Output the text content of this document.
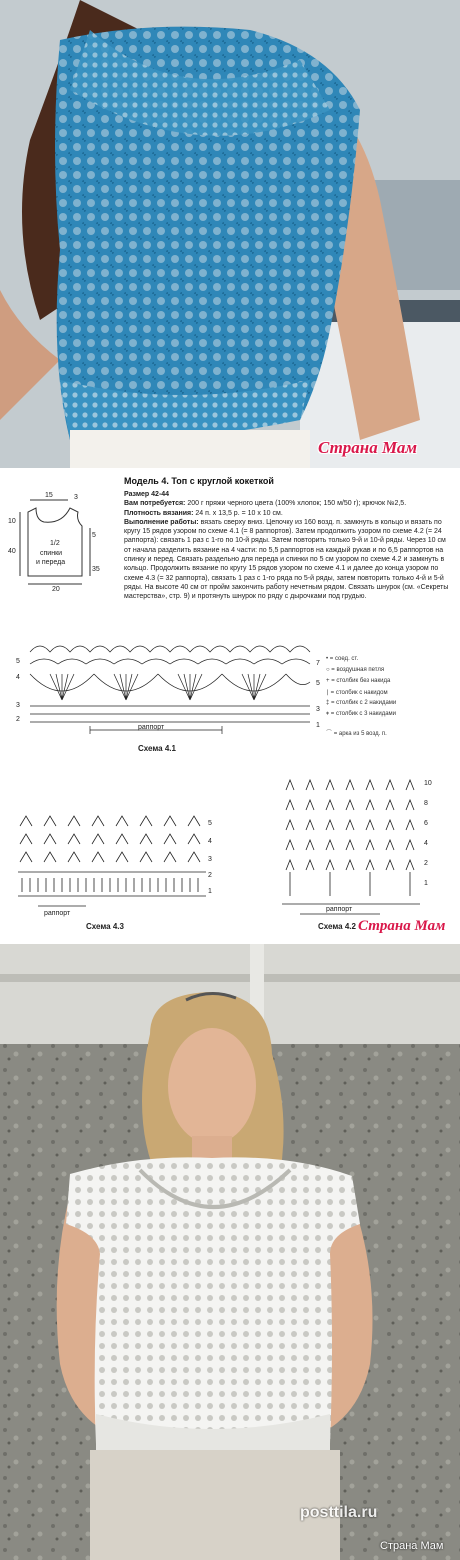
Страна Мам
15	3
10
40
5
35
20
1/2
спинки
и переда
Модель 4. Топ с круглой кокеткой

Размер 42-44

Вам потребуется: 200 г пряжи черного цвета (100% хлопок; 150 м/50 г); крючок №2,5.

Плотность вязания: 24 п. x 13,5 р. = 10 x 10 см.

Выполнение работы: вязать сверху вниз. Цепочку из 160 возд. п. замкнуть в кольцо и вязать по кругу 15 рядов узором по схеме 4.1 (= 8 раппортов). Затем продолжить узором по схеме 4.2 (= 24 раппорта): связать 1 раз с 1-го по 10-й ряды. Затем повторить только 9-й и 10-й ряды. Через 10 см от начала разделить вязание на 4 части: по 5,5 раппортов на каждый рукав и по 6,5 раппортов на спинку и перед. Связать раздельно для переда и спинки по 5 см узором по схеме 4.2 и замкнуть в кольцо. Продолжить вязание по кругу 15 рядов узором по схеме 4.1 и далее до конца узором по схеме 4.3 (= 32 раппорта), связать 1 раз с 1-го ряда по 5-й ряды, затем повторить только 4-й и 5-й ряды. На высоте 40 см от пройм закончить работу нечетным рядом. Связать шнурок (см. «Секреты мастерства», стр. 9) и протянуть шнурок по ряду с дырочками под грудью.

5
4
3
2
7
5
3
1
раппорт
Схема 4.1
• = соед. ст.
○ = воздушная петля
+ = столбик без накида
∣ = столбик с накидом
‡ = столбик с 2 накидами
⧧ = столбик с 3 накидами
⌒ = арка из 5 возд. п.
10
8
6
4
2
1
раппорт
Схема 4.2
5
4
3
2
1
раппорт
Схема 4.3	Страна Мам
Страна Мам
posttila.ru
